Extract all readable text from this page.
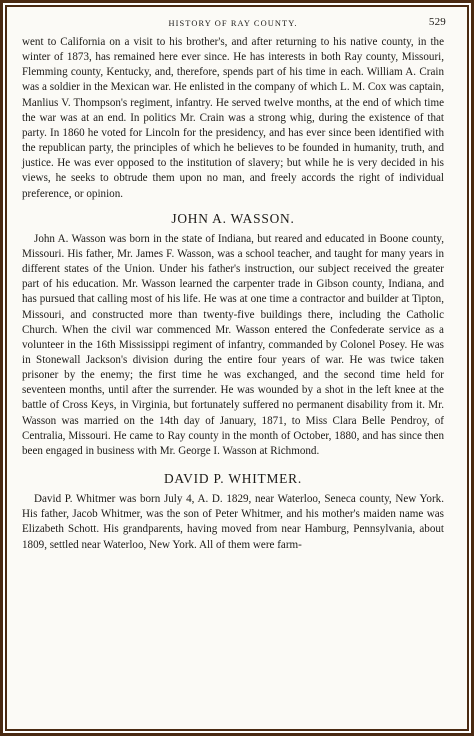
HISTORY OF RAY COUNTY.	529

went to California on a visit to his brother's, and after returning to his native county, in the winter of 1873, has remained here ever since. He has interests in both Ray county, Missouri, Flemming county, Kentucky, and, therefore, spends part of his time in each. William A. Crain was a soldier in the Mexican war. He enlisted in the company of which L. M. Cox was captain, Manlius V. Thompson's regiment, infantry. He served twelve months, at the end of which time the war was at an end. In politics Mr. Crain was a strong whig, during the existence of that party. In 1860 he voted for Lincoln for the presidency, and has ever since been identified with the republican party, the principles of which he believes to be founded in humanity, truth, and justice. He was ever opposed to the institution of slavery; but while he is very decided in his views, he seeks to obtrude them upon no man, and freely accords the right of individual preference, or opinion.

JOHN A. WASSON.

John A. Wasson was born in the state of Indiana, but reared and educated in Boone county, Missouri. His father, Mr. James F. Wasson, was a school teacher, and taught for many years in different states of the Union. Under his father's instruction, our subject received the greater part of his education. Mr. Wasson learned the carpenter trade in Gibson county, Indiana, and has pursued that calling most of his life. He was at one time a contractor and builder at Tipton, Missouri, and constructed more than twenty-five buildings there, including the Catholic Church. When the civil war commenced Mr. Wasson entered the Confederate service as a volunteer in the 16th Mississippi regiment of infantry, commanded by Colonel Posey. He was in Stonewall Jackson's division during the entire four years of war. He was twice taken prisoner by the enemy; the first time he was exchanged, and the second time held for seventeen months, until after the surrender. He was wounded by a shot in the left knee at the battle of Cross Keys, in Virginia, but fortunately suffered no permanent disability from it. Mr. Wasson was married on the 14th day of January, 1871, to Miss Clara Belle Pendroy, of Centralia, Missouri. He came to Ray county in the month of October, 1880, and has since then been engaged in business with Mr. George I. Wasson at Richmond.

DAVID P. WHITMER.

David P. Whitmer was born July 4, A. D. 1829, near Waterloo, Seneca county, New York. His father, Jacob Whitmer, was the son of Peter Whitmer, and his mother's maiden name was Elizabeth Schott. His grandparents, having moved from near Hamburg, Pennsylvania, about 1809, settled near Waterloo, New York. All of them were farm-
